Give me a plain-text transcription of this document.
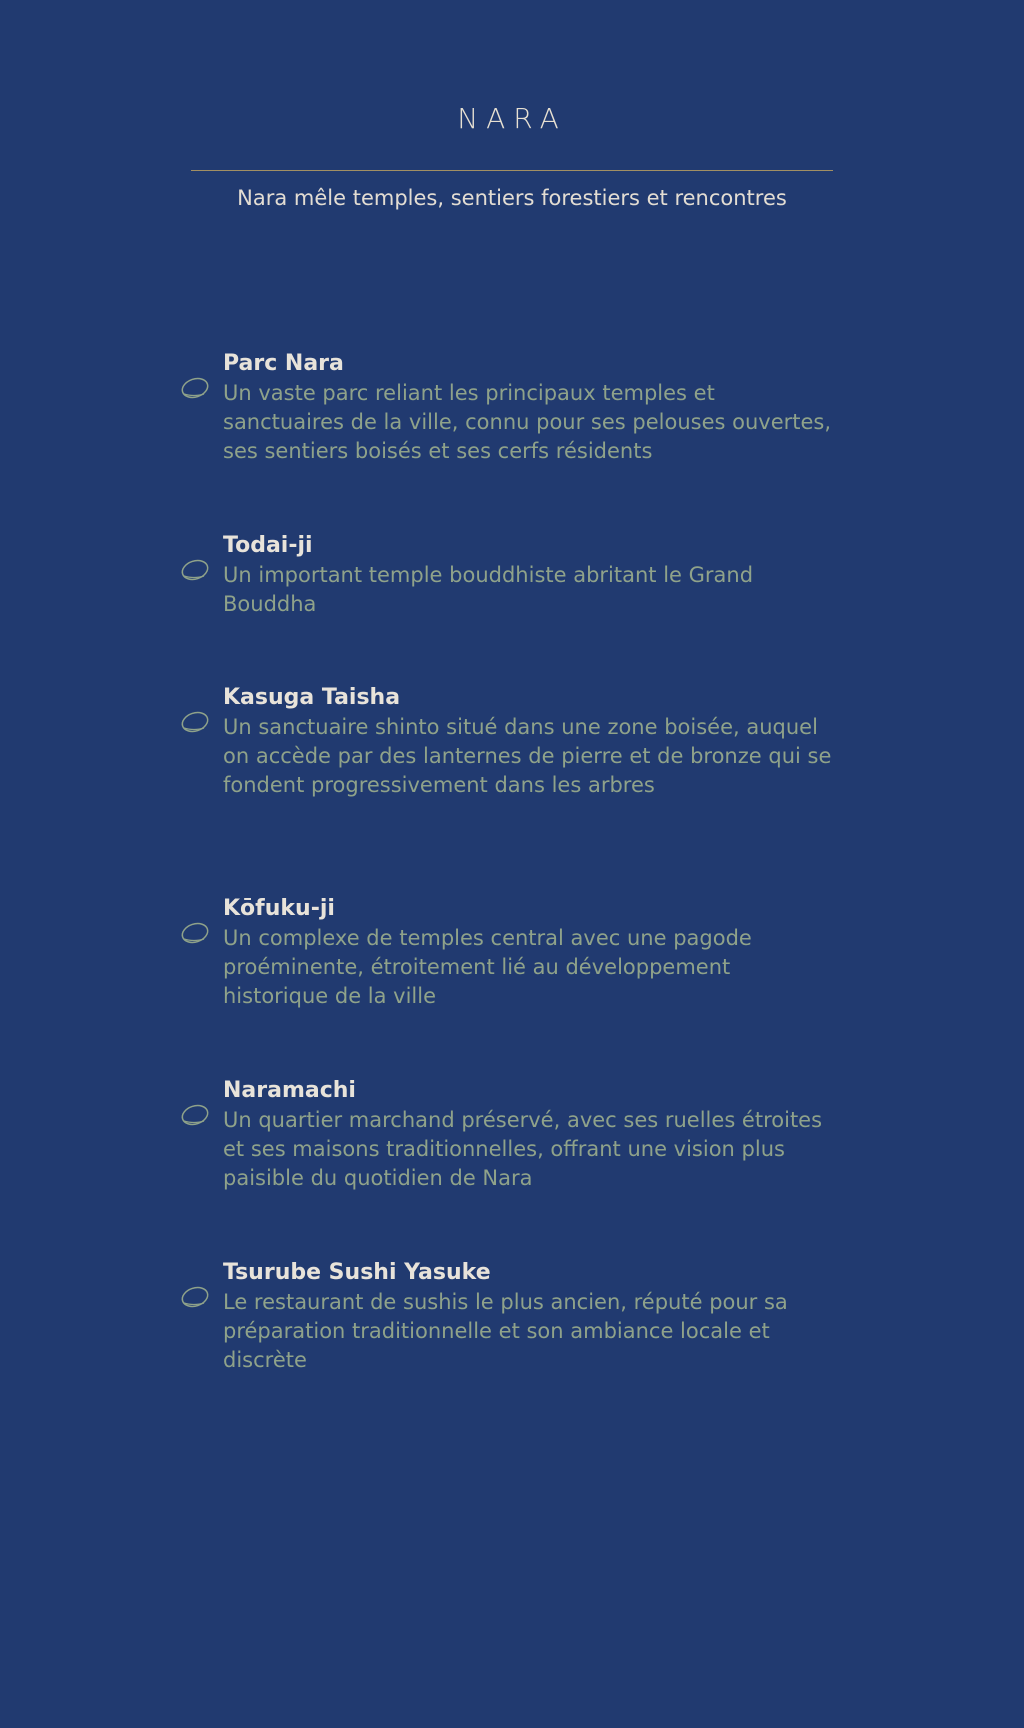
NARA
Nara mêle temples, sentiers forestiers et rencontres
Parc Nara
Un vaste parc reliant les principaux temples et sanctuaires de la ville, connu pour ses pelouses ouvertes, ses sentiers boisés et ses cerfs résidents
Todai-ji
Un important temple bouddhiste abritant le Grand Bouddha
Kasuga Taisha
Un sanctuaire shinto situé dans une zone boisée, auquel on accède par des lanternes de pierre et de bronze qui se fondent progressivement dans les arbres
Kōfuku-ji
Un complexe de temples central avec une pagode proéminente, étroitement lié au développement historique de la ville
Naramachi
Un quartier marchand préservé, avec ses ruelles étroites et ses maisons traditionnelles, offrant une vision plus paisible du quotidien de Nara
Tsurube Sushi Yasuke
Le restaurant de sushis le plus ancien, réputé pour sa préparation traditionnelle et son ambiance locale et discrète
